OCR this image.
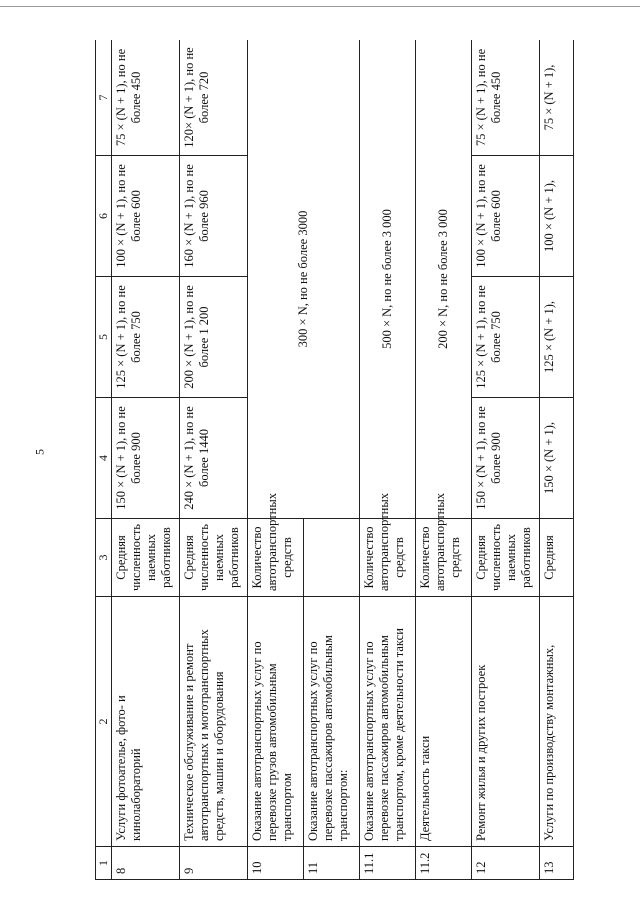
5
1	2	3	4	5	6	7
8	Услуги фотоателье, фото- и кинолабораторий	Средняя численность наемных работников	150 × (N + 1), но не более 900	125 × (N + 1), но не более 750	100 × (N + 1), но не более 600	75 × (N + 1), но не более 450
9	Техническое обслуживание и ремонт автотранспортных и мототранспортных средств, машин и оборудования	Средняя численность наемных работников	240 × (N + 1), но не более 1440	200 × (N + 1), но не более 1 200	160 × (N + 1), но не более 960	120× (N + 1), но не более 720
10	Оказание автотранспортных услуг по перевозке грузов автомобильным транспортом	Количество автотранспортных средств	300 × N, но не более 3000			
11	Оказание автотранспортных услуг по перевозке пассажиров автомобильным транспортом:					
11.1	Оказание автотранспортных услуг по перевозке пассажиров автомобильным транспортом, кроме деятельности такси	Количество автотранспортных средств	500 × N, но не более 3 000			
11.2	Деятельность такси	Количество автотранспортных средств	200 × N, но не более 3 000			
12	Ремонт жилья и других построек	Средняя численность наемных работников	150 × (N + 1), но не более 900	125 × (N + 1), но не более 750	100 × (N + 1), но не более 600	75 × (N + 1), но не более 450
13	Услуги по производству монтажных,	Средняя	150 × (N + 1),	125 × (N + 1),	100 × (N + 1),	75 × (N + 1),
